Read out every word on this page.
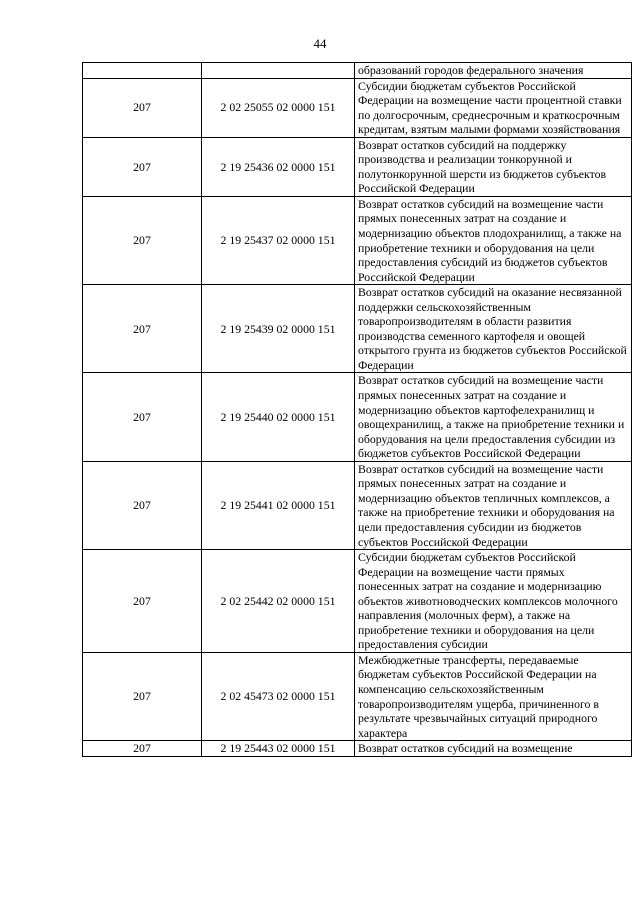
44
		образований городов федерального значения
207	2 02 25055 02 0000 151	Субсидии бюджетам субъектов Российской Федерации на возмещение части процентной ставки по долгосрочным, среднесрочным и краткосрочным кредитам, взятым малыми формами хозяйствования
207	2 19 25436 02 0000 151	Возврат остатков субсидий на поддержку производства и реализации тонкорунной и полутонкорунной шерсти из бюджетов субъектов Российской Федерации
207	2 19 25437 02 0000 151	Возврат остатков субсидий на возмещение части прямых понесенных затрат на создание и модернизацию объектов плодохранилищ, а также на приобретение техники и оборудования на цели предоставления субсидий из бюджетов субъектов Российской Федерации
207	2 19 25439 02 0000 151	Возврат остатков субсидий на оказание несвязанной поддержки сельскохозяйственным товаропроизводителям в области развития производства семенного картофеля и овощей открытого грунта из бюджетов субъектов Российской Федерации
207	2 19 25440 02 0000 151	Возврат остатков субсидий на возмещение части прямых понесенных затрат на создание и модернизацию объектов картофелехранилищ и овощехранилищ, а также на приобретение техники и оборудования на цели предоставления субсидии из бюджетов субъектов Российской Федерации
207	2 19 25441 02 0000 151	Возврат остатков субсидий на возмещение части прямых понесенных затрат на создание и модернизацию объектов тепличных комплексов, а также на приобретение техники и оборудования на цели предоставления субсидии из бюджетов субъектов Российской Федерации
207	2 02 25442 02 0000 151	Субсидии бюджетам субъектов Российской Федерации на возмещение части прямых понесенных затрат на создание и модернизацию объектов животноводческих комплексов молочного направления (молочных ферм), а также на приобретение техники и оборудования на цели предоставления субсидии
207	2 02 45473 02 0000 151	Межбюджетные трансферты, передаваемые бюджетам субъектов Российской Федерации на компенсацию сельскохозяйственным товаропроизводителям ущерба, причиненного в результате чрезвычайных ситуаций природного характера
207	2 19 25443 02 0000 151	Возврат остатков субсидий на возмещение
